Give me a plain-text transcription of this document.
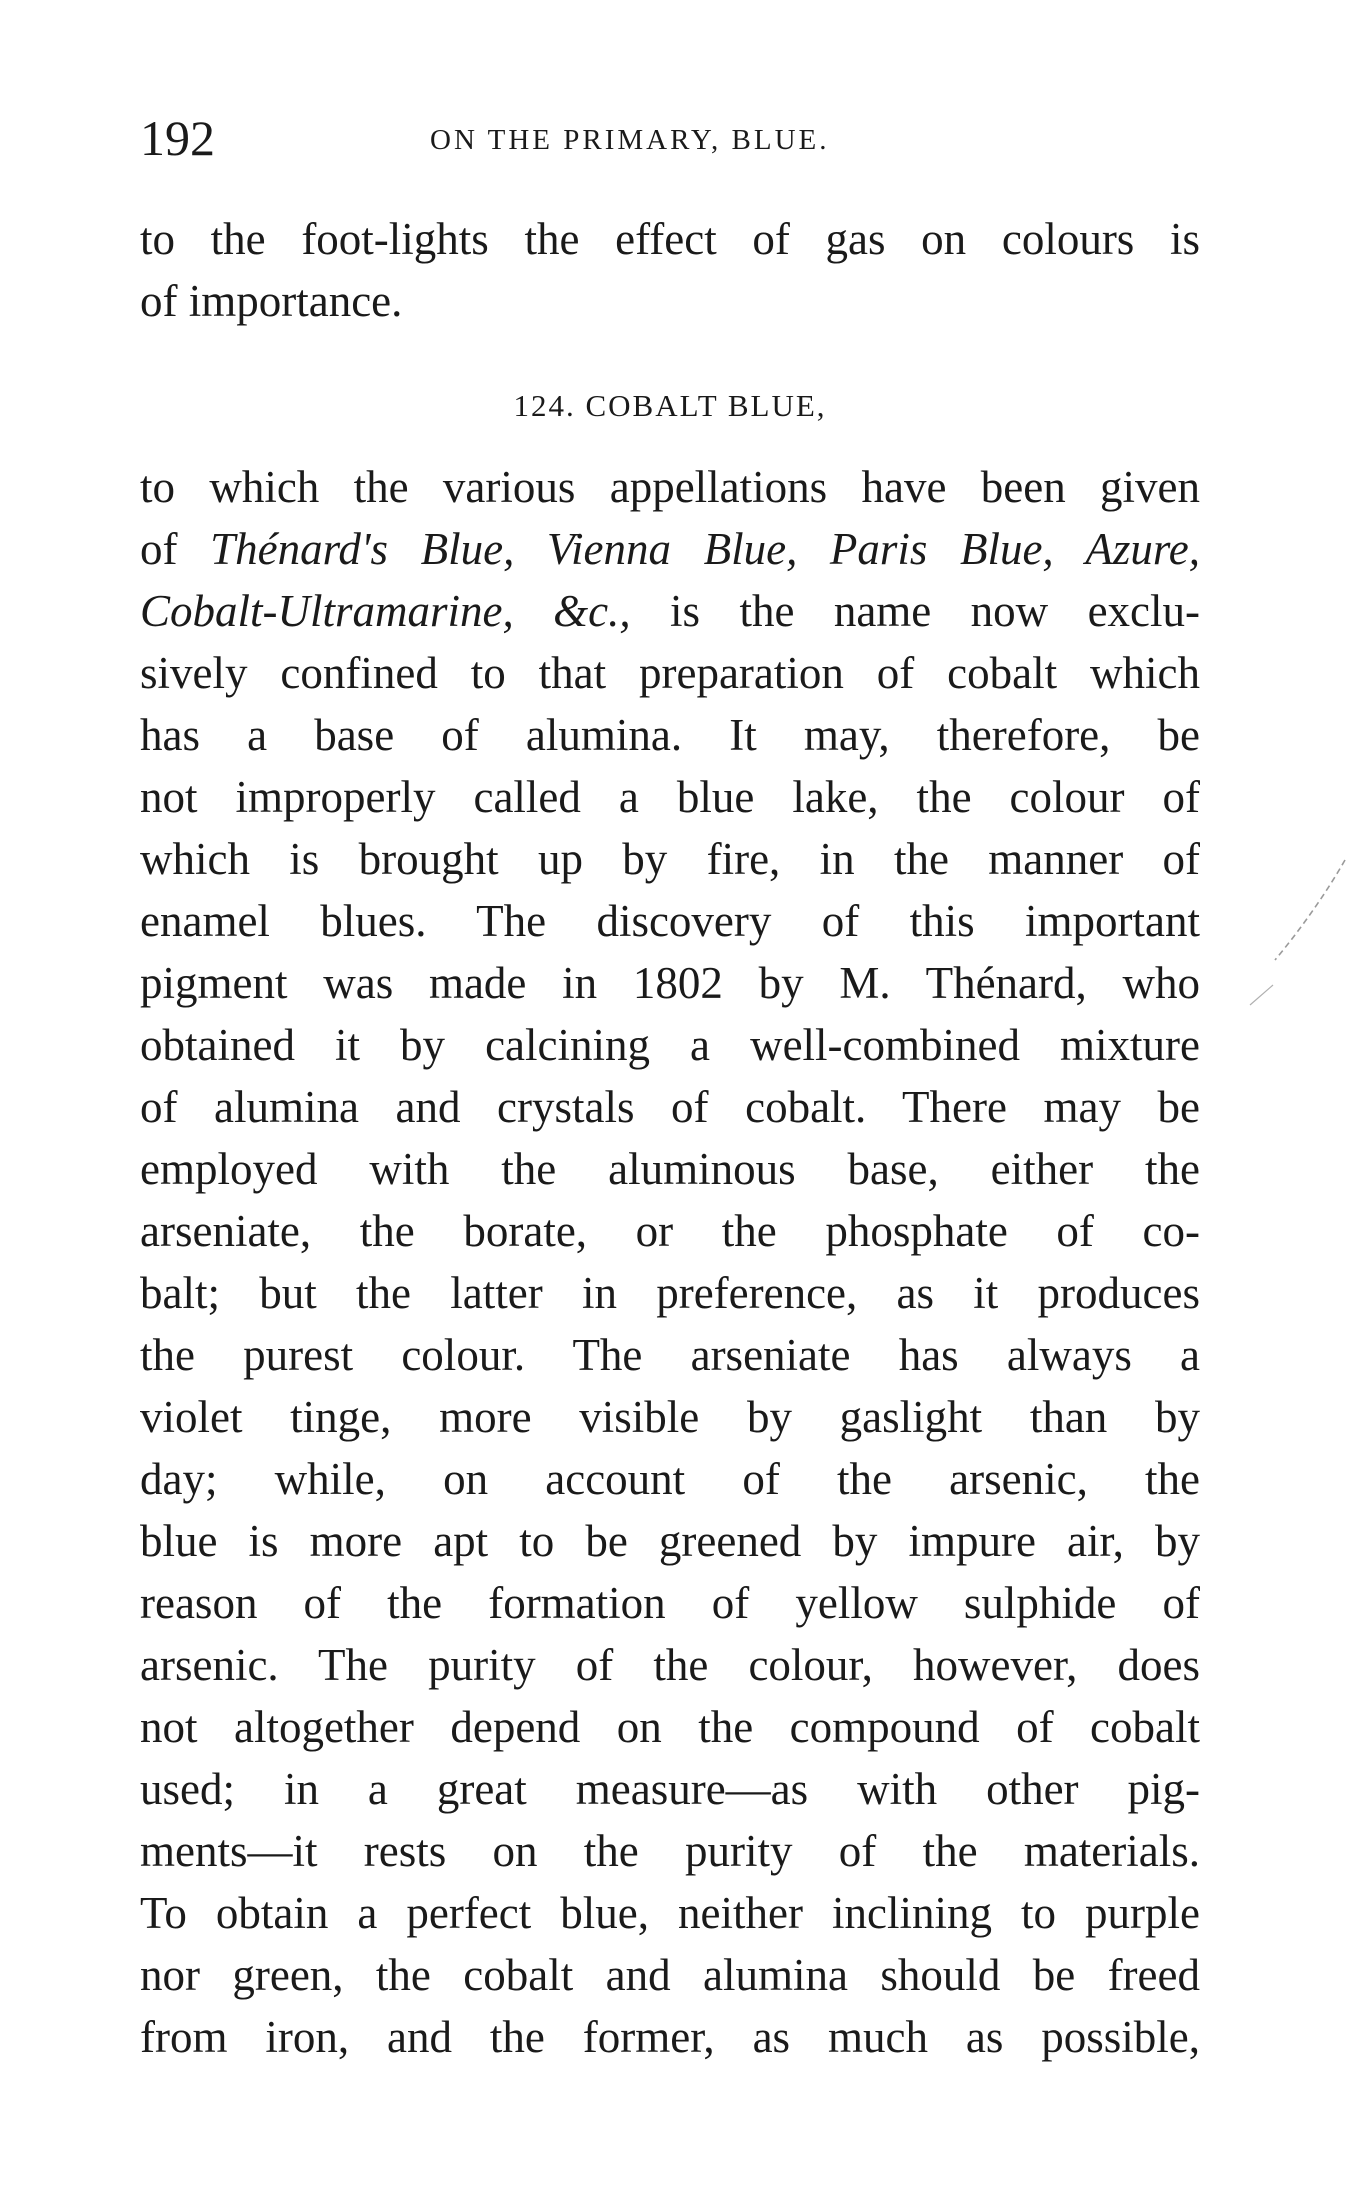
192	ON THE PRIMARY, BLUE.
to the foot-lights the effect of gas on colours is
of importance.
124. COBALT BLUE,
to which the various appellations have been given
of Thénard's Blue, Vienna Blue, Paris Blue, Azure,
Cobalt-Ultramarine, &c., is the name now exclu-
sively confined to that preparation of cobalt which
has a base of alumina. It may, therefore, be
not improperly called a blue lake, the colour of
which is brought up by fire, in the manner of
enamel blues. The discovery of this important
pigment was made in 1802 by M. Thénard, who
obtained it by calcining a well-combined mixture
of alumina and crystals of cobalt. There may be
employed with the aluminous base, either the
arseniate, the borate, or the phosphate of co-
balt; but the latter in preference, as it produces
the purest colour. The arseniate has always a
violet tinge, more visible by gaslight than by
day; while, on account of the arsenic, the
blue is more apt to be greened by impure air, by
reason of the formation of yellow sulphide of
arsenic. The purity of the colour, however, does
not altogether depend on the compound of cobalt
used; in a great measure—as with other pig-
ments—it rests on the purity of the materials.
To obtain a perfect blue, neither inclining to purple
nor green, the cobalt and alumina should be freed
from iron, and the former, as much as possible,
